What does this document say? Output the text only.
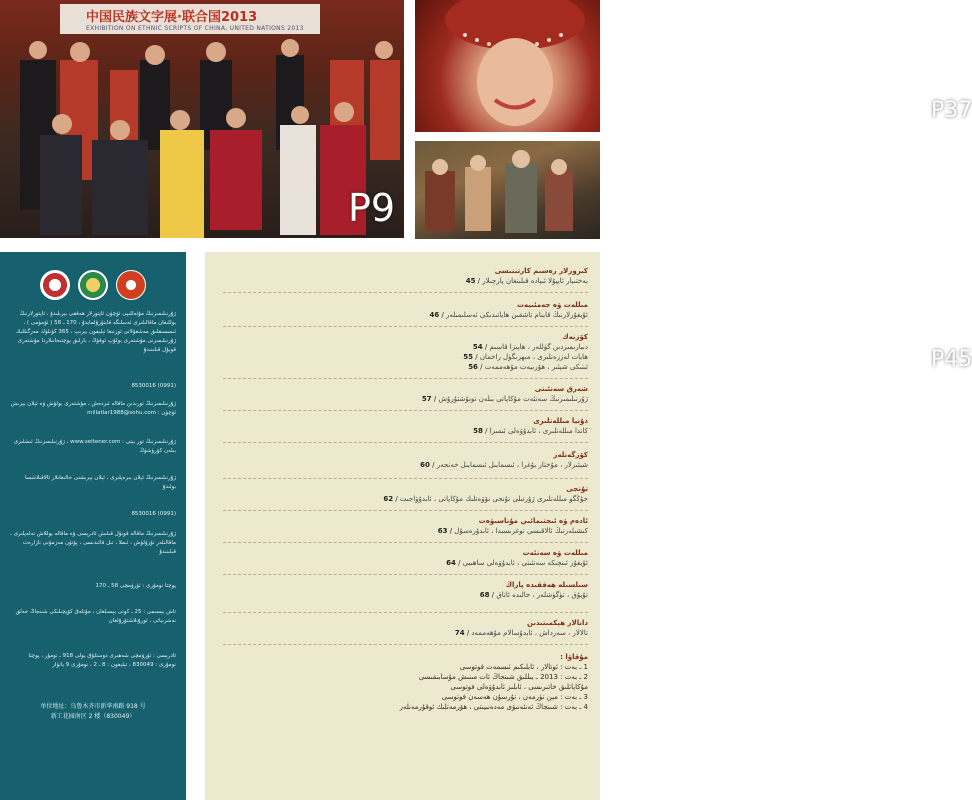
中国民族文字展·联合国2013
EXHIBITION ON ETHNIC SCRIPTS OF CHINA, UNITED NATIONS 2013
P9
P37
P45
ژۇرنىلىمىزنىڭ مۇئەللىپى ئۈچۈن ئاپتورلار ھەققى بېرىلىدۇ ، ئاپتورلارنىڭ يوللىغان ماقالىلىرى ئەسلىگە قايتۇرۇلمايدۇ ، 170 ـ 58 ( ئۆمۈمى ) ، ئىسسىقلىق مەشغۇلاتى ئورنىغا تېلېفون بېرىپ ، 365 كۈنلۈك مەزگىللىك ژۇرنىلىمىزنى مۇشتەرى بولۇپ ئوقۇڭ ، بارلىق پوچتىخانىلاردا مۇشتەرى قوبۇل قىلىنىدۇ
(0991) 8530016
ژۇرنىلىمىزنىڭ تورىدىن ماقالە ئىزدەش ، مۇشتەرى بولۇش ۋە ئېلان بېرىش ئۈچۈن : millatlar1988@sohu.com
ژۇرنىلىمىزنىڭ تور بېتى : www.seltener.com ، ژۇرنىلىمىزنىڭ ئىشلىرى بىلەن كۆرۈشۈڭ
ژۇرنىلىمىزنىڭ ئېلان بىرەپلىرى ، ئېلان بېرىشنى خالىغانلار ئالاقىلاشسا بولىدۇ
(0991) 8530016
ژۇرنىلىمىزنىڭ ماقالە قوبۇل قىلىش ئادرېسى ۋە ماقالە يوللاش تەلەپلىرى ، ماقالىلەر تۈزۈلۈش ، ئىملا ، تىل قائىدىسى ، پۈتۈن مەزمۇنى نازارەت قىلىنىدۇ
پوچتا نومۇرى : ئۈرۈمچى 58 ـ 170
تاش بېسىمى : 25 ـ كوتى بېسىلغان ، مۇتلەق كۆپچىلىكى شىنجاڭ خەلق نەشرىياتى ، ئورۇنلاشتۇرۇلغان
ئادرېسى : ئۈرۈمچى شەھىرى دوستلۇق يولى 918 ـ نومۇر ، پوچتا نومۇرى : 830049 ، تېلېفون : 8 ـ 2 ، نومۇرى 9 يانۋار
单位地址：乌鲁木齐市新华南路 918 号
新工花园南区 2 楼（830049）
كىرورلار رەسىم كارتىنىسى
بەختىيار ئايپۇلا ئىپادە قىلىنغان پارچىلار / 45
مىللەت ۋە جەمئىيەت
ئۇيغۇرلارنىڭ قاينام تاشقىن ھاياتىدىكى ئەسلىمىلەر / 46
كۆزنەك
دىيارىمىزدىن گۈللەر ، ھاپىزا قاسىم / 54
ھايات لەززەتلىرى ، مىھرىگۈل راخمان / 55
ئىنىكى شېئىر ، ھۆرىيەت مۇھەممەت / 56
شەرق سەنئىتى
ژۇرنىلىمىزنىڭ سەنئەت مۇكاپاتى بىلەن تونۇشتۇرۇش / 57
دۇنيا مىللەتلىرى
كاندا مىللەتلىرى ، ئابدۇۋەلى ئىمىرا / 58
كۆرگەنلەر
شېئىرلار ، مۇختار بۇغرا ، ئىسمايىل ئىسمايىل خەنجەر / 60
تۇنجى
جۇڭگو مىللەتلىرى ژۇرنىلى تۇنجى نۆۋەتلىك مۇكاپاتى ، ئابدۇۋاجىت / 62
ئادەم ۋە ئىجتىمائىي مۇناسىۋەت
كىشىلەرنىڭ ئالاقىسى توغرىسىدا ، ئابدۇرەسۇل / 63
مىللەت ۋە سەنئەت
ئۇيغۇر ئىنچىكە سەنئىتى ، ئابدۇۋەلى ساھىبى / 64
سىلسىلە ھەققىدە پاراڭ
تۇيۇق ، تۈگۈشلەر ، خالىدە ئاتاق / 68
دانالار ھېكمىتىدىن
تالالار ، سەرداش ، ئابدۇسالام مۇھەممەد / 74
مۇقاۋا :
1 ـ بەت : ئوتالار ، ئابلىكىم ئىسمەت فوتوسى
2 ـ بەت : 2013 ـ يىللىق شىنجاڭ ئات مىنىش مۇسابىقىسى
مۇكاپاتلىق خاتىرىسى ، ئابلىز ئابدۇۋەلى فوتوسى
3 ـ بەت : مېن تۈرمەن ، تۇرسۇن ھەسەن فوتوسى
4 ـ بەت : شىنجاڭ ئەنئەنىۋى مەدەنىيىتى ، ھۆرمەتلىك ئوقۇرمەنلەر
